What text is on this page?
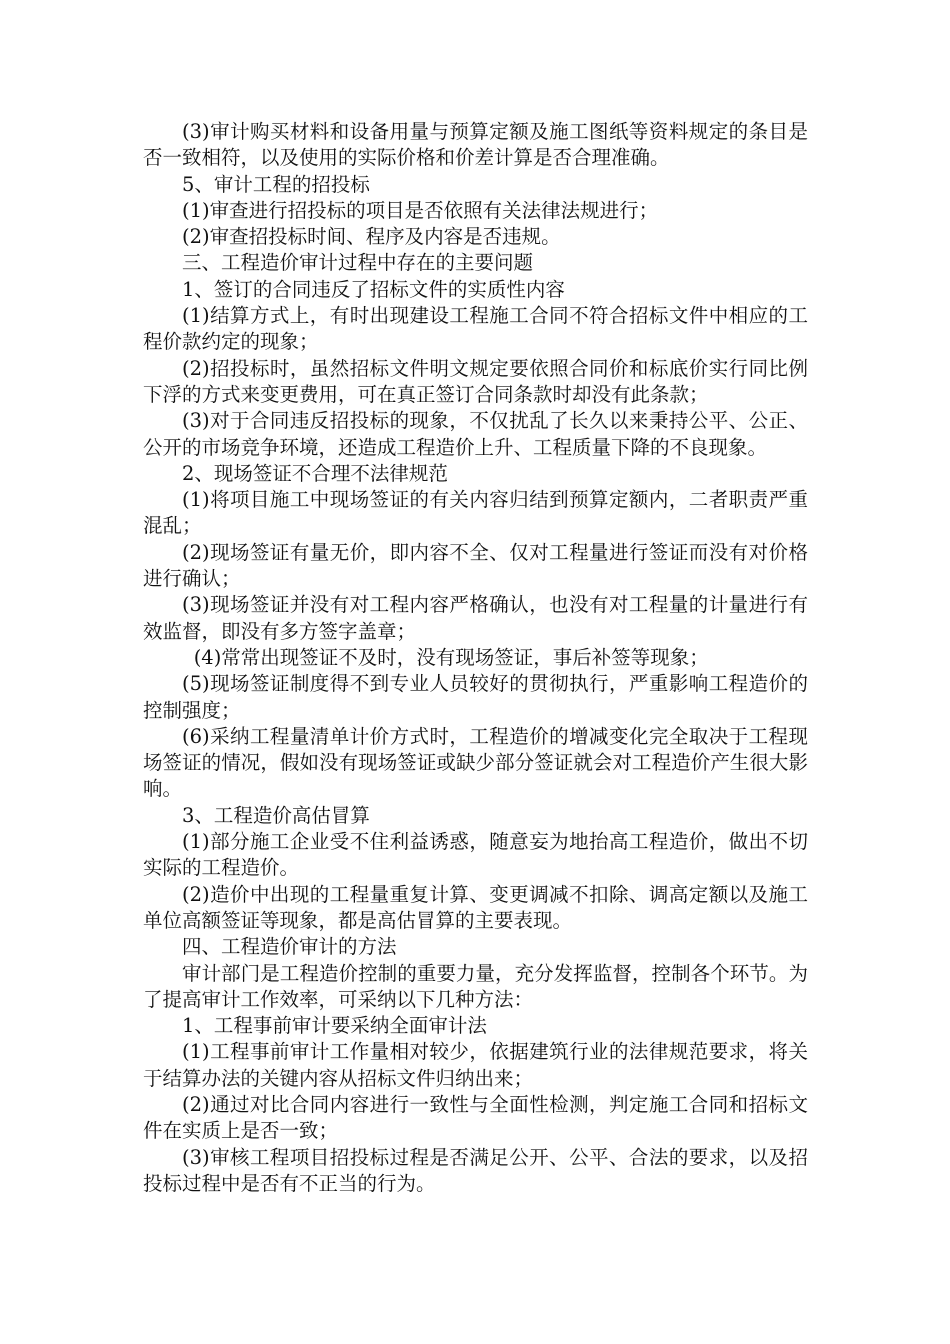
(3)审计购买材料和设备用量与预算定额及施工图纸等资料规定的条目是否一致相符，以及使用的实际价格和价差计算是否合理准确。

5、审计工程的招投标

(1)审查进行招投标的项目是否依照有关法律法规进行；

(2)审查招投标时间、程序及内容是否违规。

三、工程造价审计过程中存在的主要问题

1、签订的合同违反了招标文件的实质性内容

(1)结算方式上，有时出现建设工程施工合同不符合招标文件中相应的工程价款约定的现象；

(2)招投标时，虽然招标文件明文规定要依照合同价和标底价实行同比例下浮的方式来变更费用，可在真正签订合同条款时却没有此条款；

(3)对于合同违反招投标的现象，不仅扰乱了长久以来秉持公平、公正、公开的市场竞争环境，还造成工程造价上升、工程质量下降的不良现象。

2、现场签证不合理不法律规范

(1)将项目施工中现场签证的有关内容归结到预算定额内，二者职责严重混乱；

(2)现场签证有量无价，即内容不全、仅对工程量进行签证而没有对价格进行确认；

(3)现场签证并没有对工程内容严格确认，也没有对工程量的计量进行有效监督，即没有多方签字盖章；

(4)常常出现签证不及时，没有现场签证，事后补签等现象；

(5)现场签证制度得不到专业人员较好的贯彻执行，严重影响工程造价的控制强度；

(6)采纳工程量清单计价方式时，工程造价的增减变化完全取决于工程现场签证的情况，假如没有现场签证或缺少部分签证就会对工程造价产生很大影响。

3、工程造价高估冒算

(1)部分施工企业受不住利益诱惑，随意妄为地抬高工程造价，做出不切实际的工程造价。

(2)造价中出现的工程量重复计算、变更调减不扣除、调高定额以及施工单位高额签证等现象，都是高估冒算的主要表现。

四、工程造价审计的方法

审计部门是工程造价控制的重要力量，充分发挥监督，控制各个环节。为了提高审计工作效率，可采纳以下几种方法：

1、工程事前审计要采纳全面审计法

(1)工程事前审计工作量相对较少，依据建筑行业的法律规范要求，将关于结算办法的关键内容从招标文件归纳出来；

(2)通过对比合同内容进行一致性与全面性检测，判定施工合同和招标文件在实质上是否一致；

(3)审核工程项目招投标过程是否满足公开、公平、合法的要求，以及招投标过程中是否有不正当的行为。
